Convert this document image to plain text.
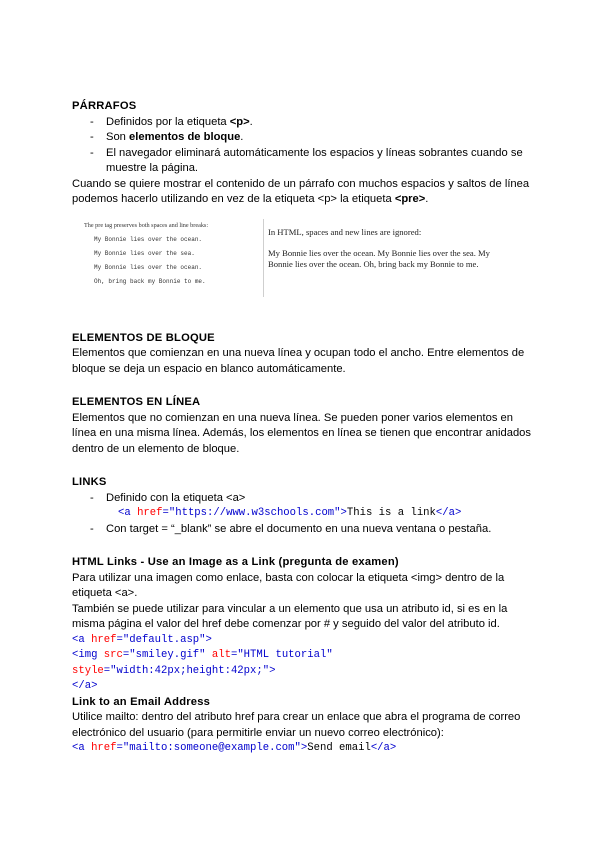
PÁRRAFOS
- Definidos por la etiqueta <p>.
- Son elementos de bloque.
- El navegador eliminará automáticamente los espacios y líneas sobrantes cuando se muestre la página.

Cuando se quiere mostrar el contenido de un párrafo con muchos espacios y saltos de línea podemos hacerlo utilizando en vez de la etiqueta <p> la etiqueta <pre>.

The pre tag preserves both spaces and line breaks:
My Bonnie lies over the ocean.
My Bonnie lies over the sea.
My Bonnie lies over the ocean.
Oh, bring back my Bonnie to me.
In HTML, spaces and new lines are ignored:
My Bonnie lies over the ocean. My Bonnie lies over the sea. My Bonnie lies over the ocean. Oh, bring back my Bonnie to me.
ELEMENTOS DE BLOQUE

Elementos que comienzan en una nueva línea y ocupan todo el ancho. Entre elementos de bloque se deja un espacio en blanco automáticamente.

ELEMENTOS EN LÍNEA

Elementos que no comienzan en una nueva línea. Se pueden poner varios elementos en línea en una misma línea. Además, los elementos en línea se tienen que encontrar anidados dentro de un elemento de bloque.

LINKS
- Definido con la etiqueta <a>
<a href="https://www.w3schools.com">This is a link</a>
- Con target = “_blank” se abre el documento en una nueva ventana o pestaña.
HTML Links - Use an Image as a Link (pregunta de examen)

Para utilizar una imagen como enlace, basta con colocar la etiqueta <img> dentro de la etiqueta <a>.

También se puede utilizar para vincular a un elemento que usa un atributo id, si es en la misma página el valor del href debe comenzar por # y seguido del valor del atributo id.

<a href="default.asp">
<img src="smiley.gif" alt="HTML tutorial"
style="width:42px;height:42px;">
</a>
Link to an Email Address

Utilice mailto: dentro del atributo href para crear un enlace que abra el programa de correo electrónico del usuario (para permitirle enviar un nuevo correo electrónico):

<a href="mailto:someone@example.com">Send email</a>
